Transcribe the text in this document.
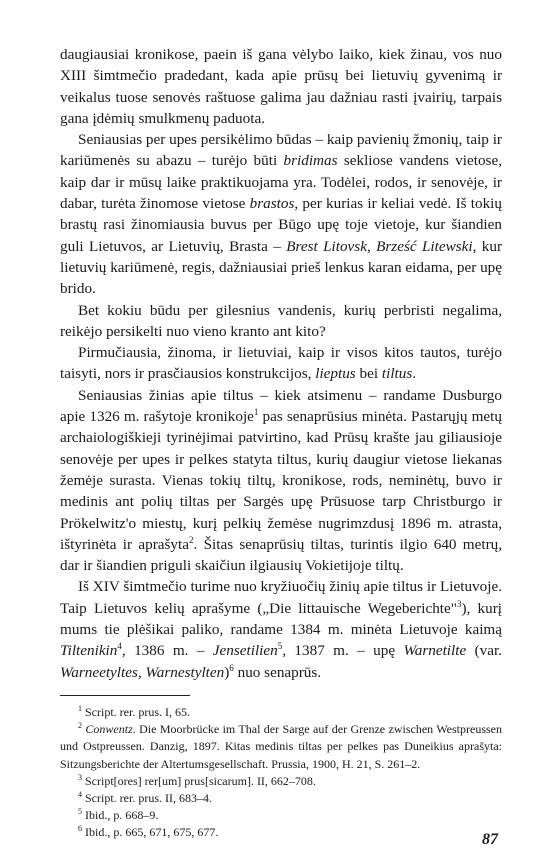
daugiausiai kronikose, paein iš gana vėlybo laiko, kiek žinau, vos nuo XIII šimtmečio pradedant, kada apie prūsų bei lietuvių gyvenimą ir veikalus tuose senovės raštuose galima jau dažniau rasti įvairių, tarpais gana įdėmių smulkmenų paduota.

Seniausias per upes persikėlimo būdas – kaip pavienių žmonių, taip ir kariūmenės su abazu – turėjo būti bridimas sekliose vandens vietose, kaip dar ir mūsų laike praktikuojama yra. Todėlei, rodos, ir senovėje, ir dabar, turėta žinomose vietose brastos, per kurias ir keliai vedė. Iš tokių brastų rasi žinomiausia buvus per Būgo upę toje vietoje, kur šiandien guli Lietuvos, ar Lietuvių, Brasta – Brest Litovsk, Brześć Litewski, kur lietuvių kariūmenė, regis, dažniausiai prieš lenkus karan eidama, per upę brido.

Bet kokiu būdu per gilesnius vandenis, kurių perbristi negalima, reikėjo persikelti nuo vieno kranto ant kito?

Pirmučiausia, žinoma, ir lietuviai, kaip ir visos kitos tautos, turėjo taisyti, nors ir prasčiausios konstrukcijos, lieptus bei tiltus.

Seniausias žinias apie tiltus – kiek atsimenu – randame Dusburgo apie 1326 m. rašytoje kronikoje$^1$ pas senaprūsius minėta. Pastarųjų metų archaiologiškieji tyrinėjimai patvirtino, kad Prūsų krašte jau giliausioje senovėje per upes ir pelkes statyta tiltus, kurių daugiur vietose liekanas žemėje surasta. Vienas tokių tiltų, kronikose, rods, neminėtų, buvo ir medinis ant polių tiltas per Sargės upę Prūsuose tarp Christburgo ir Prökelwitz'o miestų, kurį pelkių žemėse nugrimzdusį 1896 m. atrasta, ištyrinėta ir aprašyta$^2$. Šitas senaprūsių tiltas, turintis ilgio 640 metrų, dar ir šiandien priguli skaičiun ilgiausių Vokietijoje tiltų.

Iš XIV šimtmečio turime nuo kryžiuočių žinių apie tiltus ir Lietuvoje. Taip Lietuvos kelių aprašyme („Die littauische Wegeberichte"$^3$), kurį mums tie plėšikai paliko, randame 1384 m. minėta Lietuvoje kaimą Tiltenikin$^4$, 1386 m. – Jensetilien$^5$, 1387 m. – upę Warnetilte (var. Warneetyltes, Warnestylten)$^6$ nuo senaprūs.

$^1$ Script. rer. prus. I, 65.

$^2$ Conwentz. Die Moorbrücke im Thal der Sarge auf der Grenze zwischen Westpreussen und Ostpreussen. Danzig, 1897. Kitas medinis tiltas per pelkes pas Duneikius aprašyta: Sitzungsberichte der Altertumsgesellschaft. Prussia, 1900, H. 21, S. 261–2.

$^3$ Script[ores] rer[um] prus[sicarum]. II, 662–708.

$^4$ Script. rer. prus. II, 683–4.

$^5$ Ibid., p. 668–9.

$^6$ Ibid., p. 665, 671, 675, 677.	87
